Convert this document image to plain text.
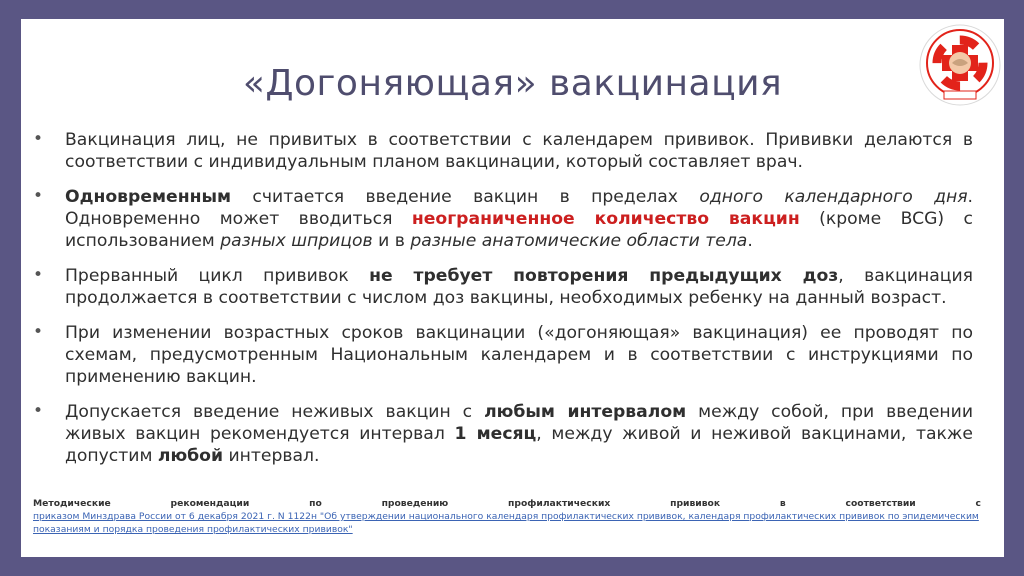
«Догоняющая» вакцинация
• Вакцинация лиц, не привитых в соответствии с календарем прививок. Прививки делаются в соответствии с индивидуальным планом вакцинации, который составляет врач.
• Одновременным считается введение вакцин в пределах одного календарного дня. Одновременно может вводиться неограниченное количество вакцин (кроме BCG) с использованием разных шприцов и в разные анатомические области тела.
• Прерванный цикл прививок не требует повторения предыдущих доз, вакцинация продолжается в соответствии с числом доз вакцины, необходимых ребенку на данный возраст.
• При изменении возрастных сроков вакцинации («догоняющая» вакцинация) ее проводят по схемам, предусмотренным Национальным календарем и в соответствии с инструкциями по применению вакцин.
• Допускается введение неживых вакцин с любым интервалом между собой, при введении живых вакцин рекомендуется интервал 1 месяц, между живой и неживой вакцинами, также допустим любой интервал.
Методические рекомендации по проведению профилактических прививок в соответствии с
приказом Минздрава России от 6 декабря 2021 г. N 1122н "Об утверждении национального календаря профилактических прививок, календаря профилактических прививок по эпидемическим показаниям и порядка проведения профилактических прививок"
